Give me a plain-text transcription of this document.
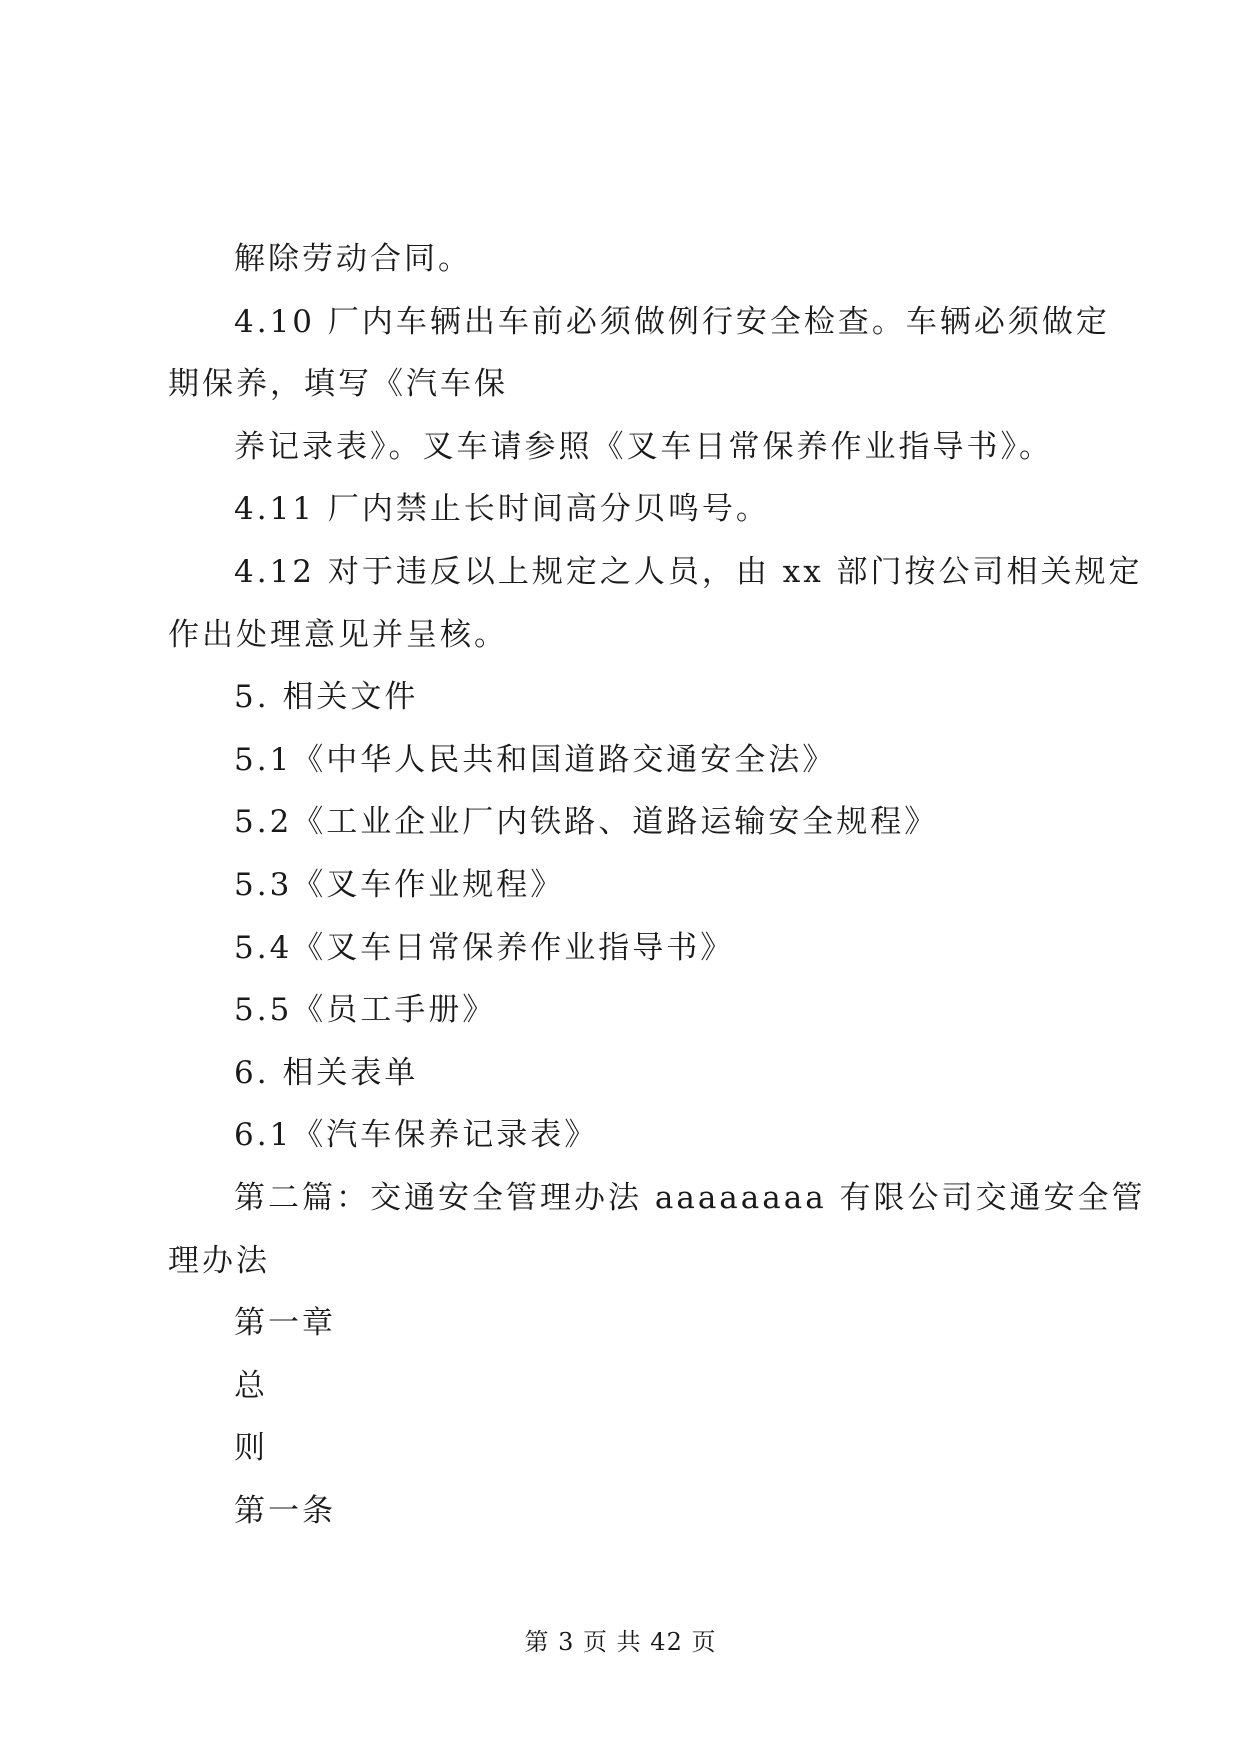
解除劳动合同。
4.10 厂内车辆出车前必须做例行安全检查。车辆必须做定
期保养，填写《汽车保
养记录表》。叉车请参照《叉车日常保养作业指导书》。
4.11 厂内禁止长时间高分贝鸣号。
4.12 对于违反以上规定之人员，由 xx 部门按公司相关规定
作出处理意见并呈核。
5. 相关文件
5.1《中华人民共和国道路交通安全法》
5.2《工业企业厂内铁路、道路运输安全规程》
5.3《叉车作业规程》
5.4《叉车日常保养作业指导书》
5.5《员工手册》
6. 相关表单
6.1《汽车保养记录表》
第二篇：交通安全管理办法 aaaaaaaa 有限公司交通安全管
理办法
第一章
总
则
第一条
第 3 页 共 42 页
